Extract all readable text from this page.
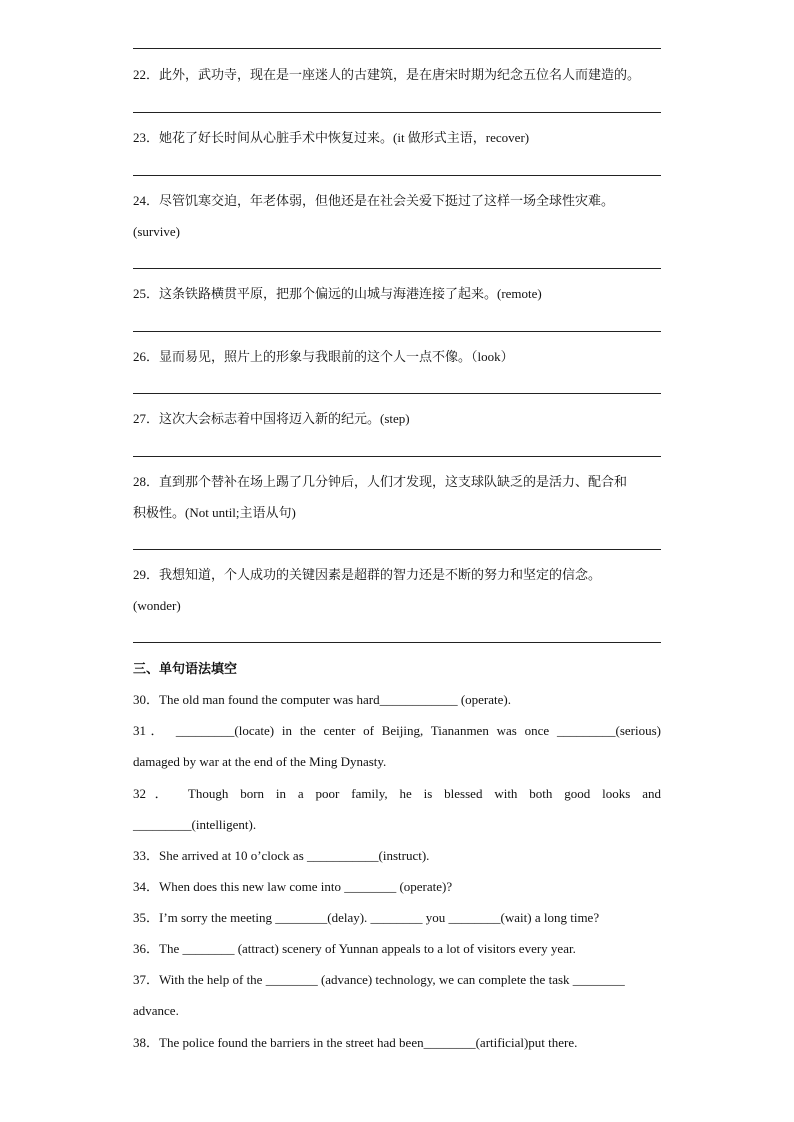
22．此外，武功寺，现在是一座迷人的古建筑，是在唐宋时期为纪念五位名人而建造的。
23．她花了好长时间从心脏手术中恢复过来。(it 做形式主语，recover)
24．尽管饥寒交迫，年老体弱，但他还是在社会关爱下挺过了这样一场全球性灾难。
(survive)
25．这条铁路横贯平原，把那个偏远的山城与海港连接了起来。(remote)
26．显而易见，照片上的形象与我眼前的这个人一点不像。（look）
27．这次大会标志着中国将迈入新的纪元。(step)
28．直到那个替补在场上踢了几分钟后，人们才发现，这支球队缺乏的是活力、配合和
积极性。(Not until;主语从句)
29．我想知道，个人成功的关键因素是超群的智力还是不断的努力和坚定的信念。
(wonder)
三、单句语法填空
30．The old man found the computer was hard____________ (operate).
31． _________(locate) in the center of Beijing, Tiananmen was once _________(serious)
damaged by war at the end of the Ming Dynasty.
32． Though born in a poor family, he is blessed with both good looks and
_________(intelligent).
33．She arrived at 10 o’clock as ___________(instruct).
34．When does this new law come into ________ (operate)?
35．I’m sorry the meeting ________(delay). ________ you ________(wait) a long time?
36．The ________ (attract) scenery of Yunnan appeals to a lot of visitors every year.
37．With the help of the ________ (advance) technology, we can complete the task ________
advance.
38．The police found the barriers in the street had been________(artificial)put there.
